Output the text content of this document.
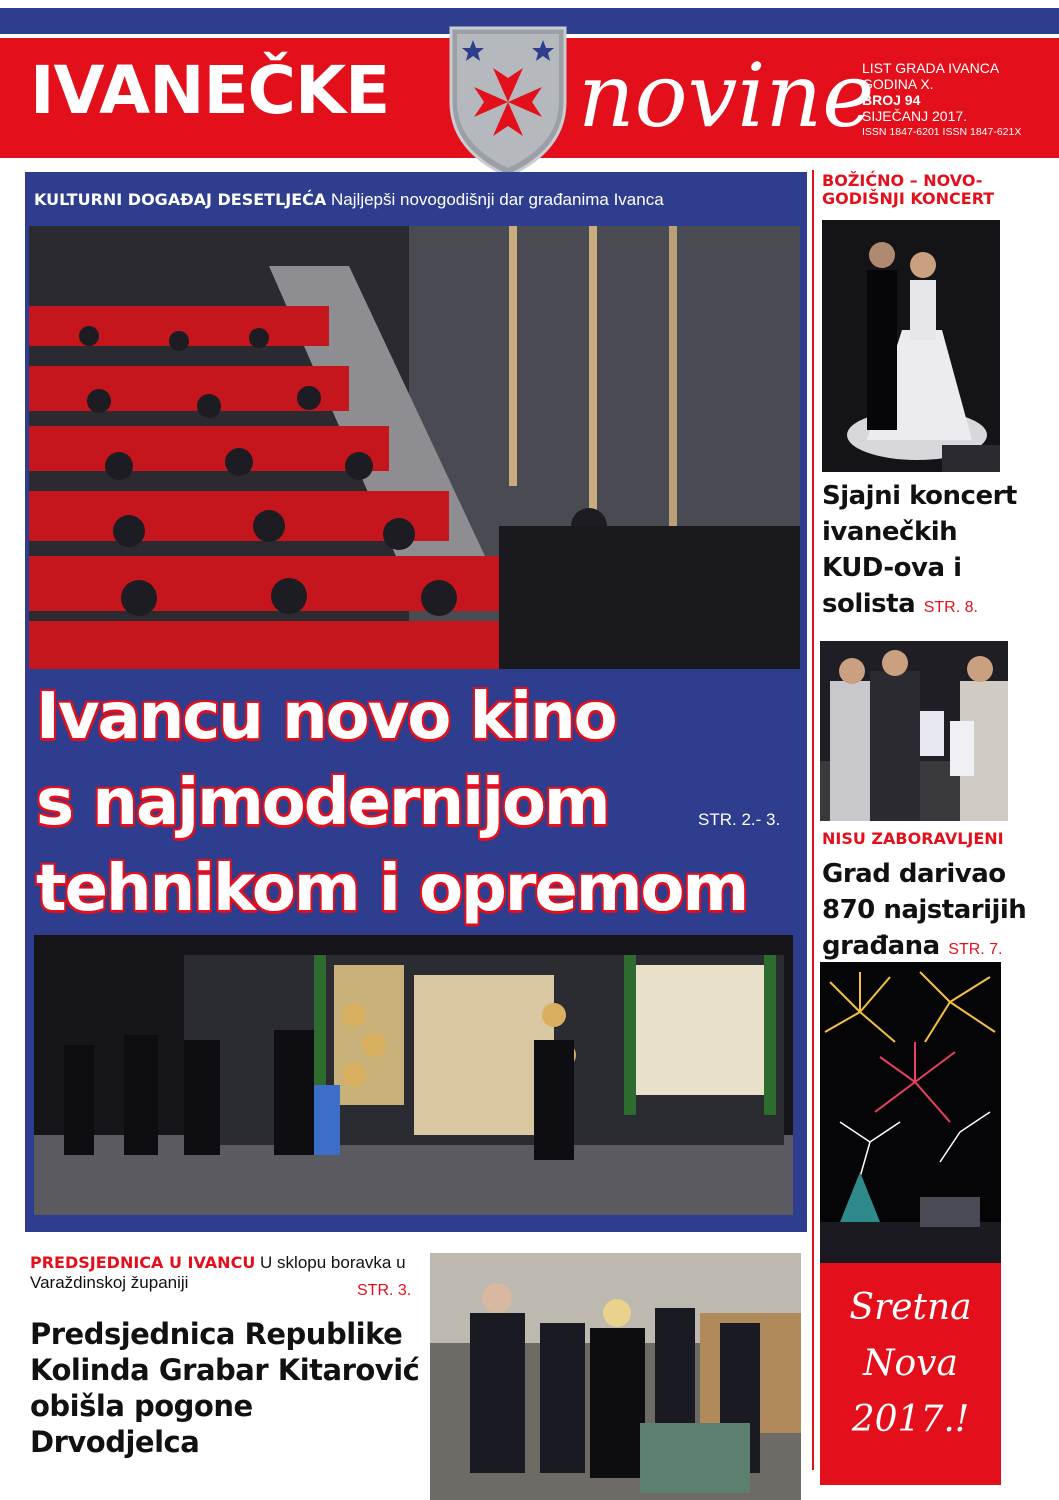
IVANEČKE novine
LIST GRADA IVANCA
GODINA X.
BROJ 94
SIJEČANJ 2017.
ISSN 1847-6201 ISSN 1847-621X
KULTURNI DOGAĐAJ DESETLJEĆA Najljepši novogodišnji dar građanima Ivanca
Ivancu novo kino
s najmodernijom
tehnikom i opremom
STR. 2.- 3.
PREDSJEDNICA U IVANCU U sklopu boravka u Varaždinskoj županiji	STR. 3.
Predsjednica Republike
Kolinda Grabar Kitarović
obišla pogone Drvodjelca
BOŽIĆNO – NOVO-
GODIŠNJI KONCERT
Sjajni koncert
ivanečkih
KUD-ova i
solista STR. 8.
NISU ZABORAVLJENI
Grad darivao
870 najstarijih
građana STR. 7.
Sretna
Nova
2017.!
